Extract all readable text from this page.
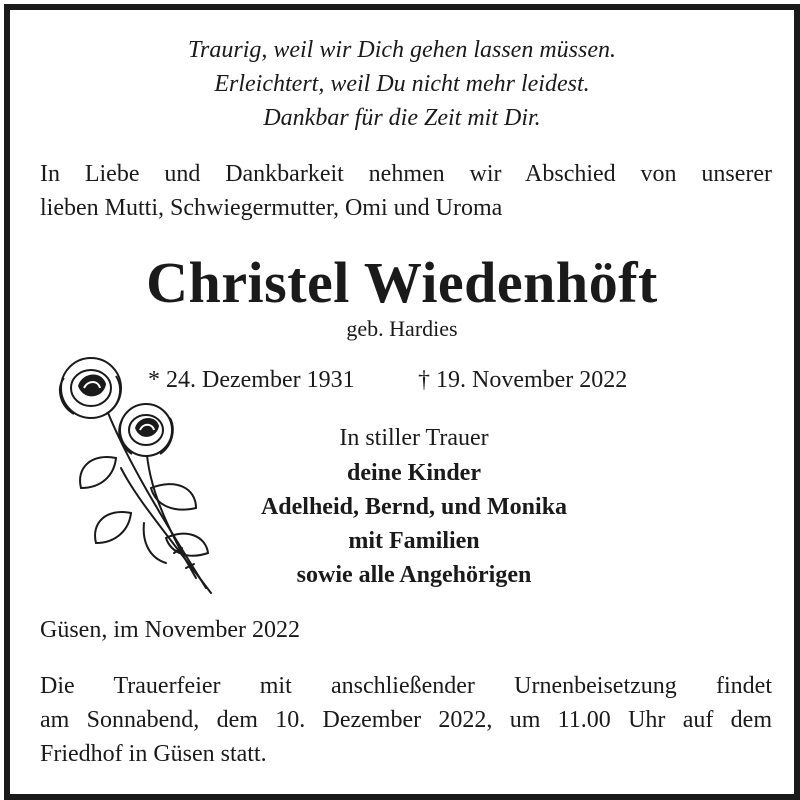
Traurig, weil wir Dich gehen lassen müssen.
Erleichtert, weil Du nicht mehr leidest.
Dankbar für die Zeit mit Dir.
In Liebe und Dankbarkeit nehmen wir Abschied von unserer
lieben Mutti, Schwiegermutter, Omi und Uroma
Christel Wiedenhöft
geb. Hardies
* 24. Dezember 1931	† 19. November 2022
In stiller Trauer
deine Kinder
Adelheid, Bernd, und Monika
mit Familien
sowie alle Angehörigen
Güsen, im November 2022
Die Trauerfeier mit anschließender Urnenbeisetzung findet
am Sonnabend, dem 10. Dezember 2022, um 11.00 Uhr auf dem
Friedhof in Güsen statt.
